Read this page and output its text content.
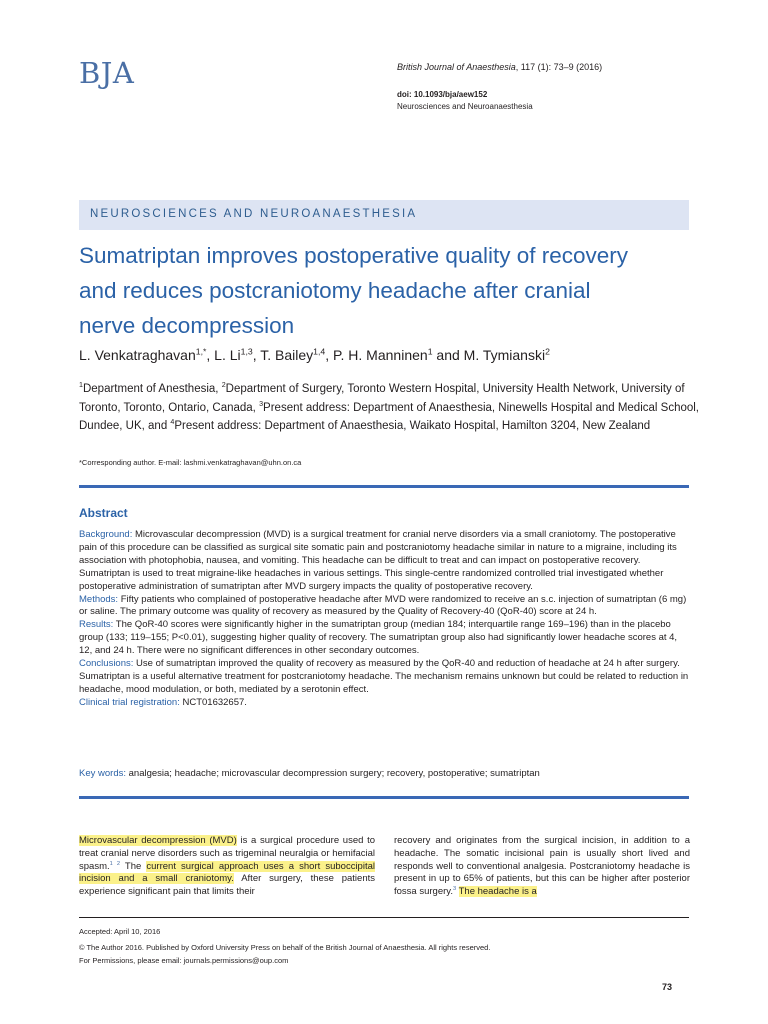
BJA	British Journal of Anaesthesia, 117 (1): 73–9 (2016)
doi: 10.1093/bja/aew152
Neurosciences and Neuroanaesthesia
NEUROSCIENCES AND NEUROANAESTHESIA
Sumatriptan improves postoperative quality of recovery
and reduces postcraniotomy headache after cranial
nerve decompression
L. Venkatraghavan$^{1,*}$, L. Li$^{1,3}$, T. Bailey$^{1,4}$, P. H. Manninen$^1$ and M. Tymianski$^2$
$^1$Department of Anesthesia, $^2$Department of Surgery, Toronto Western Hospital, University Health Network, University of Toronto, Toronto, Ontario, Canada, $^3$Present address: Department of Anaesthesia, Ninewells Hospital and Medical School, Dundee, UK, and $^4$Present address: Department of Anaesthesia, Waikato Hospital, Hamilton 3204, New Zealand
*Corresponding author. E-mail: lashmi.venkatraghavan@uhn.on.ca
Abstract

Background: Microvascular decompression (MVD) is a surgical treatment for cranial nerve disorders via a small craniotomy. The postoperative pain of this procedure can be classified as surgical site somatic pain and postcraniotomy headache similar in nature to a migraine, including its association with photophobia, nausea, and vomiting. This headache can be difficult to treat and can impact on postoperative recovery. Sumatriptan is used to treat migraine-like headaches in various settings. This single-centre randomized controlled trial investigated whether postoperative administration of sumatriptan after MVD surgery impacts the quality of postoperative recovery.

Methods: Fifty patients who complained of postoperative headache after MVD were randomized to receive an s.c. injection of sumatriptan (6 mg) or saline. The primary outcome was quality of recovery as measured by the Quality of Recovery-40 (QoR-40) score at 24 h.

Results: The QoR-40 scores were significantly higher in the sumatriptan group (median 184; interquartile range 169–196) than in the placebo group (133; 119–155; P<0.01), suggesting higher quality of recovery. The sumatriptan group also had significantly lower headache scores at 4, 12, and 24 h. There were no significant differences in other secondary outcomes.

Conclusions: Use of sumatriptan improved the quality of recovery as measured by the QoR-40 and reduction of headache at 24 h after surgery. Sumatriptan is a useful alternative treatment for postcraniotomy headache. The mechanism remains unknown but could be related to reduction in headache, mood modulation, or both, mediated by a serotonin effect.

Clinical trial registration: NCT01632657.

Key words: analgesia; headache; microvascular decompression surgery; recovery, postoperative; sumatriptan
Microvascular decompression (MVD) is a surgical procedure used to treat cranial nerve disorders such as trigeminal neuralgia or hemifacial spasm.$^{1 2}$ The current surgical approach uses a short suboccipital incision and a small craniotomy. After surgery, these patients experience significant pain that limits their
recovery and originates from the surgical incision, in addition to a headache. The somatic incisional pain is usually short lived and responds well to conventional analgesia. Postcraniotomy headache is present in up to 65% of patients, but this can be higher after posterior fossa surgery.$^3$ The headache is a
Accepted: April 10, 2016
© The Author 2016. Published by Oxford University Press on behalf of the British Journal of Anaesthesia. All rights reserved.
For Permissions, please email: journals.permissions@oup.com
73
